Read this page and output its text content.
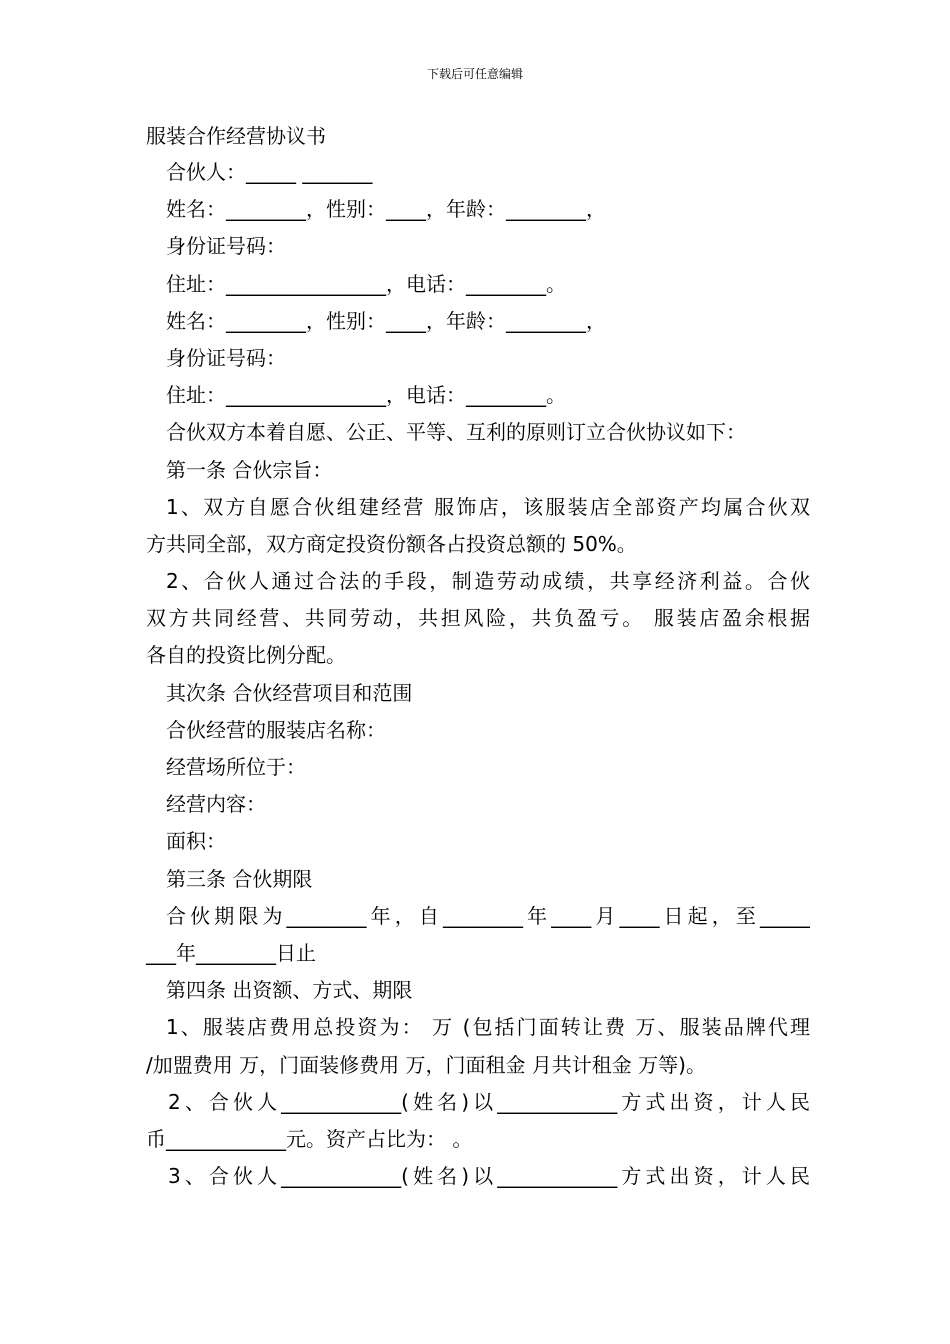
下载后可任意编辑
服装合作经营协议书
合伙人：_____ _______
姓名：________，性别：____，年龄：________，
身份证号码：
住址：________________，电话：________。
姓名：________，性别：____，年龄：________，
身份证号码：
住址：________________，电话：________。
合伙双方本着自愿、公正、平等、互利的原则订立合伙协议如下：
第一条 合伙宗旨：
1、双方自愿合伙组建经营 服饰店，该服装店全部资产均属合伙双
方共同全部，双方商定投资份额各占投资总额的 50%。
2、合伙人通过合法的手段，制造劳动成绩，共享经济利益。合伙
双方共同经营、共同劳动，共担风险，共负盈亏。 服装店盈余根据
各自的投资比例分配。
其次条 合伙经营项目和范围
合伙经营的服装店名称：
经营场所位于：
经营内容：
面积：
第三条 合伙期限
合伙期限为________年，自________年____月____日起，至_____
___年________日止
第四条 出资额、方式、期限
1、服装店费用总投资为： 万 (包括门面转让费 万、服装品牌代理
/加盟费用 万，门面装修费用 万，门面租金 月共计租金 万等)。
2、合伙人____________(姓名)以____________方式出资，计人民
币____________元。资产占比为： 。
3、合伙人____________(姓名)以____________方式出资，计人民
